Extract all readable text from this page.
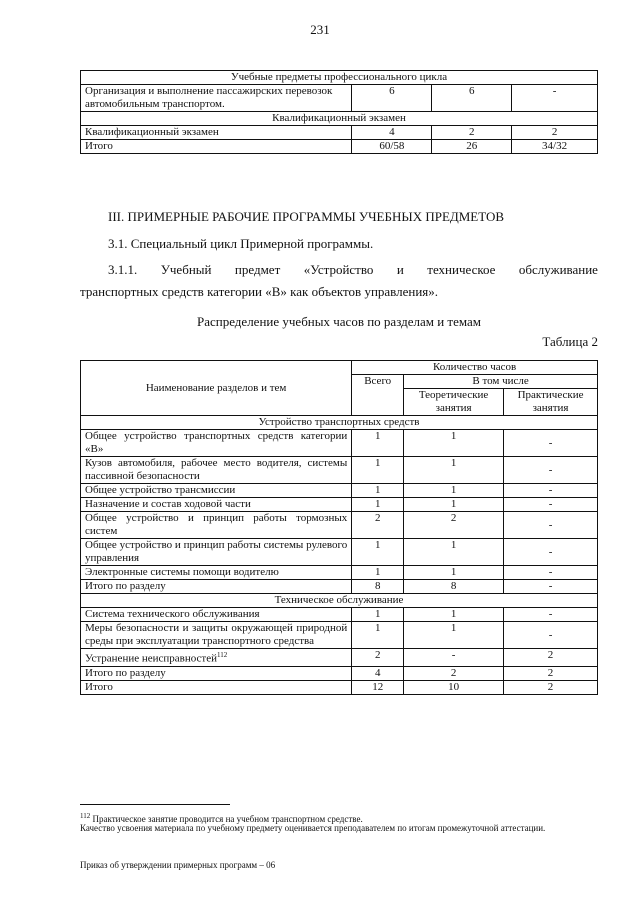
231
Учебные предметы профессионального цикла			
Организация и выполнение пассажирских перевозок автомобильным транспортом.	6	6	-
Квалификационный экзамен			
Квалификационный экзамен	4	2	2
Итого	60/58	26	34/32
III. ПРИМЕРНЫЕ РАБОЧИЕ ПРОГРАММЫ УЧЕБНЫХ ПРЕДМЕТОВ
3.1. Специальный цикл Примерной программы.
3.1.1. Учебный предмет «Устройство и техническое обслуживание
транспортных средств категории «В» как объектов управления».
Распределение учебных часов по разделам и темам
Таблица 2
Наименование разделов и тем	Количество часов		
	Всего	В том числе	
		Теоретические занятия	Практические занятия
Устройство транспортных средств			
Общее устройство транспортных средств категории «В»	1	1	-
Кузов автомобиля, рабочее место водителя, системы пассивной безопасности	1	1	-
Общее устройство трансмиссии	1	1	-
Назначение и состав ходовой части	1	1	-
Общее устройство и принцип работы тормозных систем	2	2	-
Общее устройство и принцип работы системы рулевого управления	1	1	-
Электронные системы помощи водителю	1	1	-
Итого по разделу	8	8	-
Техническое обслуживание			
Система технического обслуживания	1	1	-
Меры безопасности и защиты окружающей природной среды при эксплуатации транспортного средства	1	1	-
Устранение неисправностей$^{112}$	2	-	2
Итого по разделу	4	2	2
Итого	12	10	2
$^{112}$ Практическое занятие проводится на учебном транспортном средстве.
Качество усвоения материала по учебному предмету оценивается преподавателем по итогам промежуточной аттестации.
Приказ об утверждении примерных программ – 06
